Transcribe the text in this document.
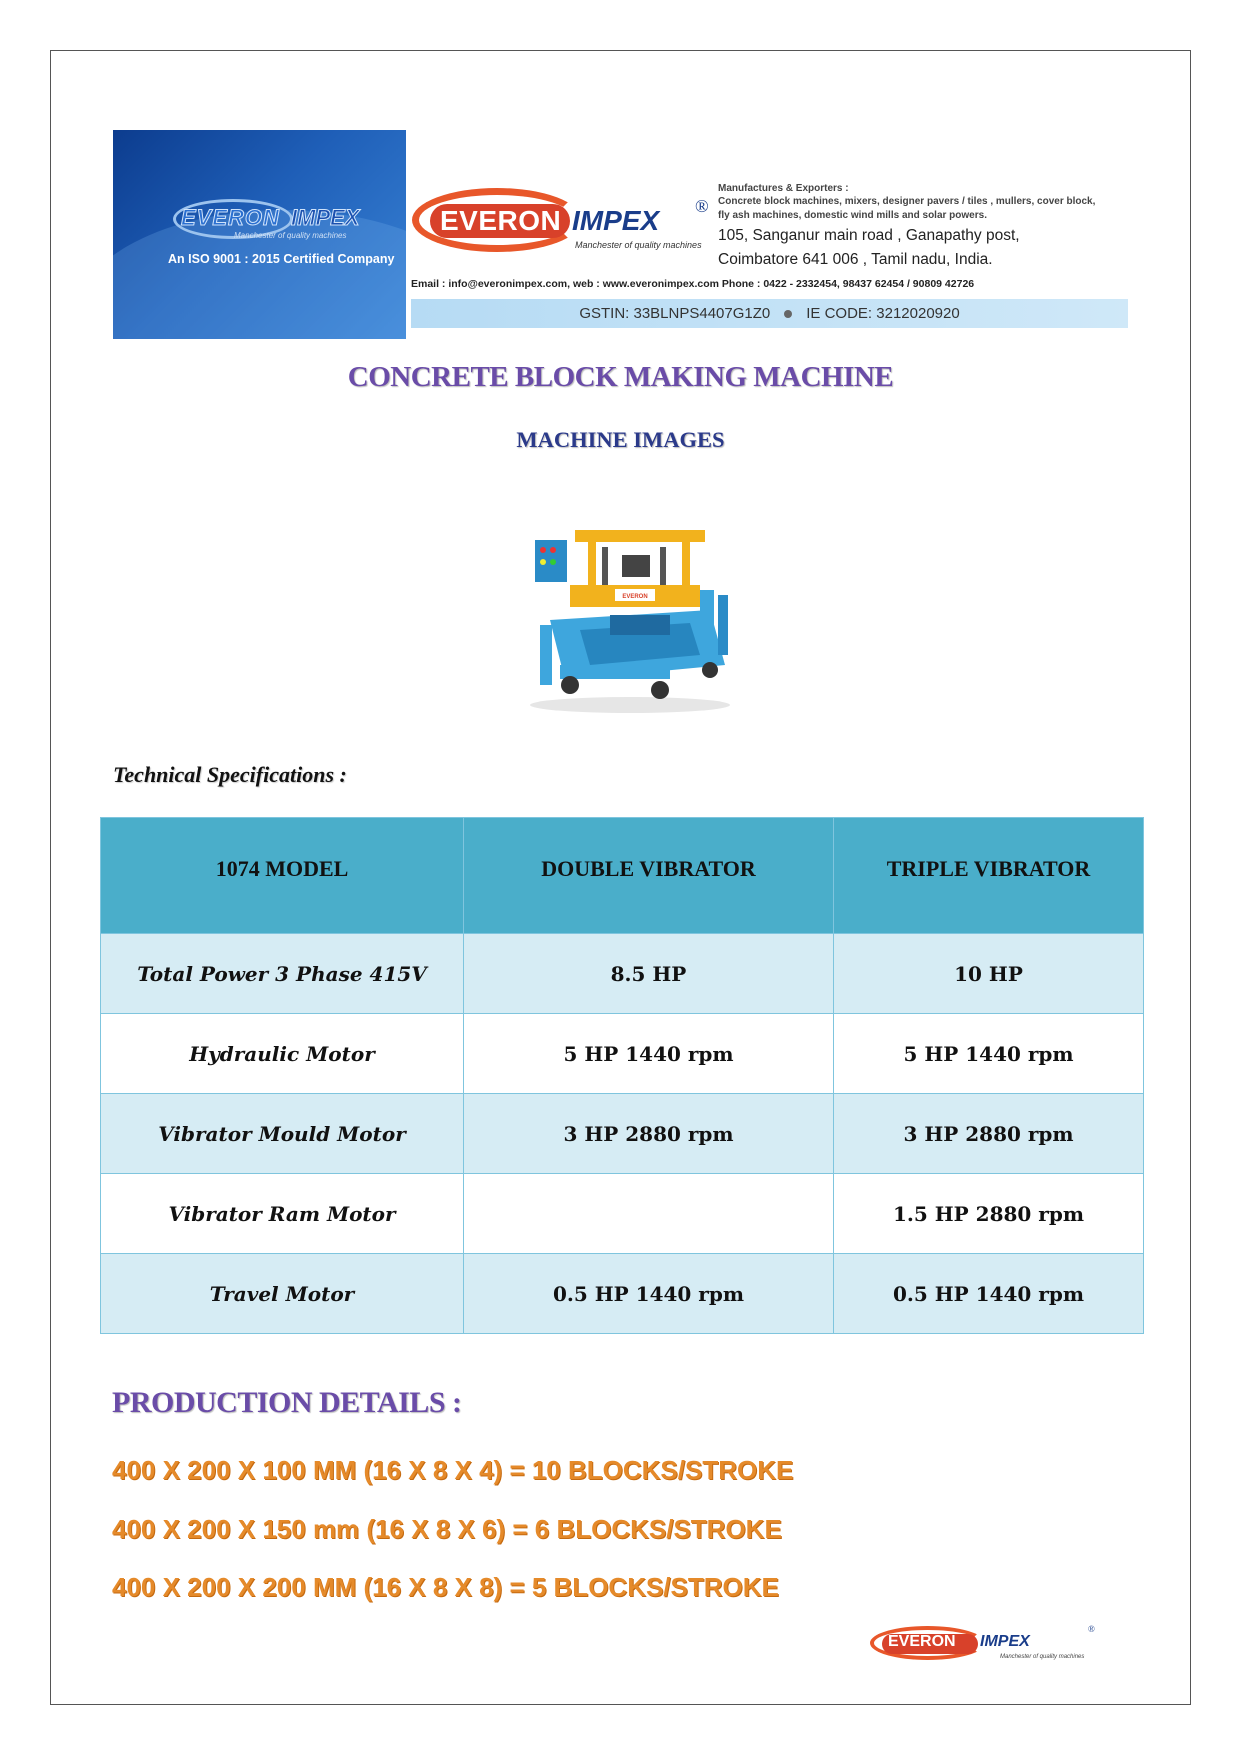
EVERON IMPEX
Manchester of quality machines
An ISO 9001 : 2015 Certified Company
EVERON IMPEX ®
Manchester of quality machines
Manufactures & Exporters :
Concrete block machines, mixers, designer pavers / tiles , mullers, cover block, fly ash machines, domestic wind mills and solar powers.
105, Sanganur main road , Ganapathy post,
Coimbatore 641 006 , Tamil nadu, India.
Email : info@everonimpex.com, web : www.everonimpex.com Phone : 0422 - 2332454, 98437 62454 / 90809 42726
GSTIN: 33BLNPS4407G1Z0 IE CODE: 3212020920
CONCRETE BLOCK MAKING MACHINE
MACHINE IMAGES
EVERON
Technical Specifications :
1074 MODEL	DOUBLE VIBRATOR	TRIPLE VIBRATOR
Total Power 3 Phase 415V	8.5 HP	10 HP
Hydraulic Motor	5 HP 1440 rpm	5 HP 1440 rpm
Vibrator Mould Motor	3 HP 2880 rpm	3 HP 2880 rpm
Vibrator Ram Motor		1.5 HP 2880 rpm
Travel Motor	0.5 HP 1440 rpm	0.5 HP 1440 rpm
PRODUCTION DETAILS :
400 X 200 X 100 MM (16 X 8 X 4) = 10 BLOCKS/STROKE
400 X 200 X 150 mm (16 X 8 X 6) = 6 BLOCKS/STROKE
400 X 200 X 200 MM (16 X 8 X 8) = 5 BLOCKS/STROKE
EVERON IMPEX
®
Manchester of quality machines
